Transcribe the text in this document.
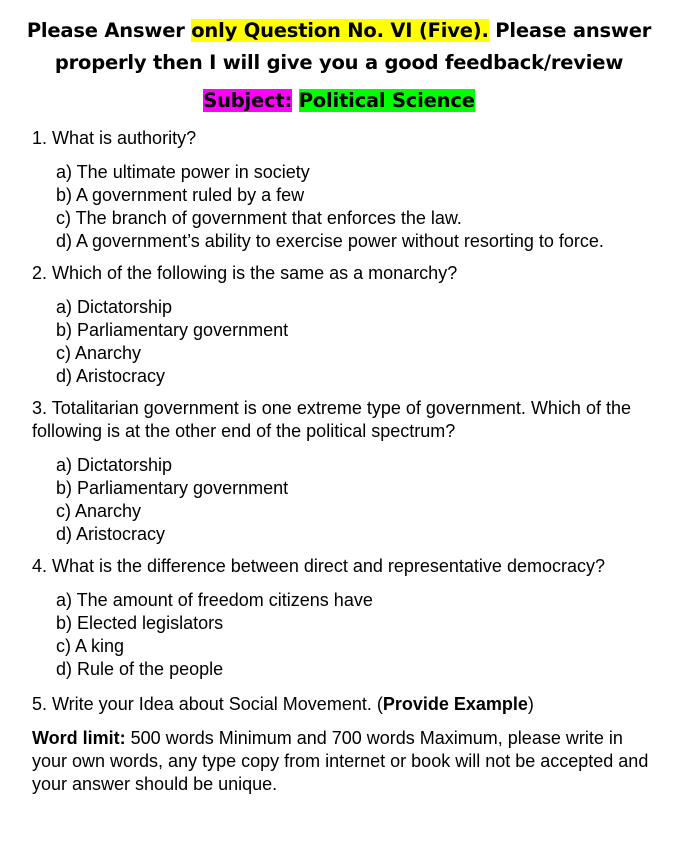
Please Answer only Question No. VI (Five). Please answer
properly then I will give you a good feedback/review
Subject: Political Science

1. What is authority?

a) The ultimate power in society
b) A government ruled by a few
c) The branch of government that enforces the law.
d) A government’s ability to exercise power without resorting to force.

2. Which of the following is the same as a monarchy?

a) Dictatorship
b) Parliamentary government
c) Anarchy
d) Aristocracy

3. Totalitarian government is one extreme type of government. Which of the following is at the other end of the political spectrum?

a) Dictatorship
b) Parliamentary government
c) Anarchy
d) Aristocracy

4. What is the difference between direct and representative democracy?

a) The amount of freedom citizens have
b) Elected legislators
c) A king
d) Rule of the people

5. Write your Idea about Social Movement. (Provide Example)

Word limit: 500 words Minimum and 700 words Maximum, please write in your own words, any type copy from internet or book will not be accepted and your answer should be unique.
